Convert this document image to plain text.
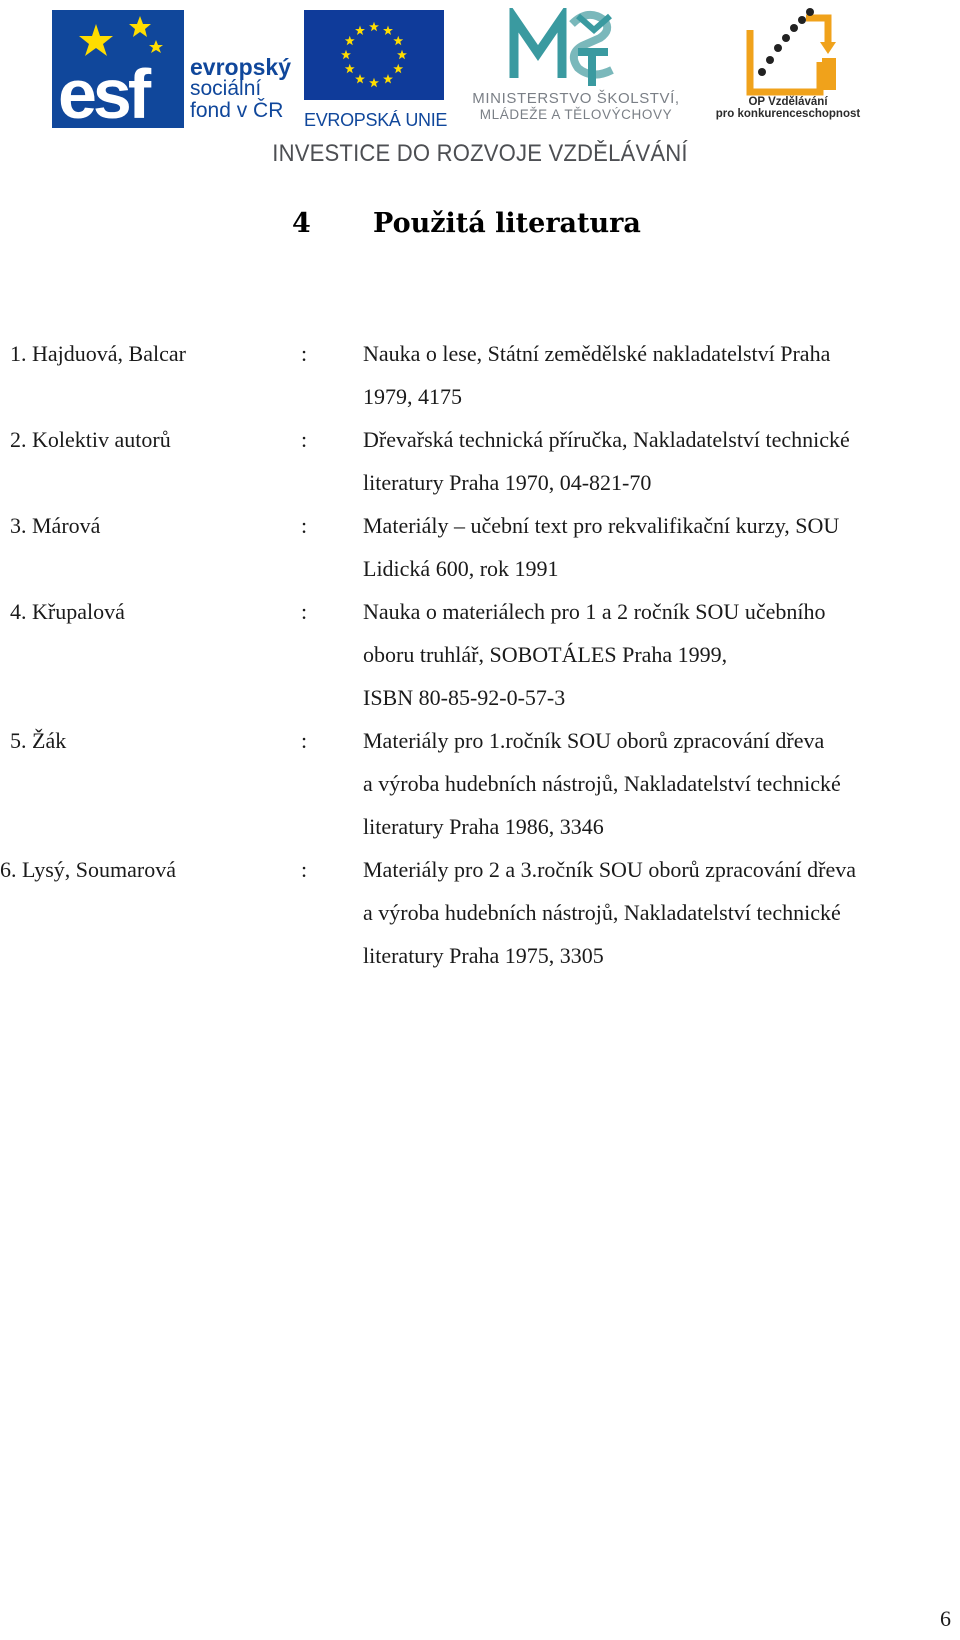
esf evropský
sociální
fond v ČR	EVROPSKÁ UNIE
MINISTERSTVO ŠKOLSTVÍ,
MLÁDEŽE A TĚLOVÝCHOVY
OP Vzdělávání
pro konkurenceschopnost
INVESTICE DO ROZVOJE VZDĚLÁVÁNÍ
4 Použitá literatura
1. Hajduová, Balcar	:	Nauka o lese, Státní zemědělské nakladatelství Praha
1979, 4175
2. Kolektiv autorů	:	Dřevařská technická příručka, Nakladatelství technické
literatury Praha 1970, 04-821-70
3. Márová	:	Materiály – učební text pro rekvalifikační kurzy, SOU
Lidická 600, rok 1991
4. Křupalová	:	Nauka o materiálech pro 1 a 2 ročník SOU učebního
oboru truhlář, SOBOTÁLES Praha 1999,
ISBN 80-85-92-0-57-3
5. Žák	:	Materiály pro 1.ročník SOU oborů zpracování dřeva
a výroba hudebních nástrojů, Nakladatelství technické
literatury Praha 1986, 3346
6. Lysý, Soumarová	:	Materiály pro 2 a 3.ročník SOU oborů zpracování dřeva
a výroba hudebních nástrojů, Nakladatelství technické
literatury Praha 1975, 3305
6
